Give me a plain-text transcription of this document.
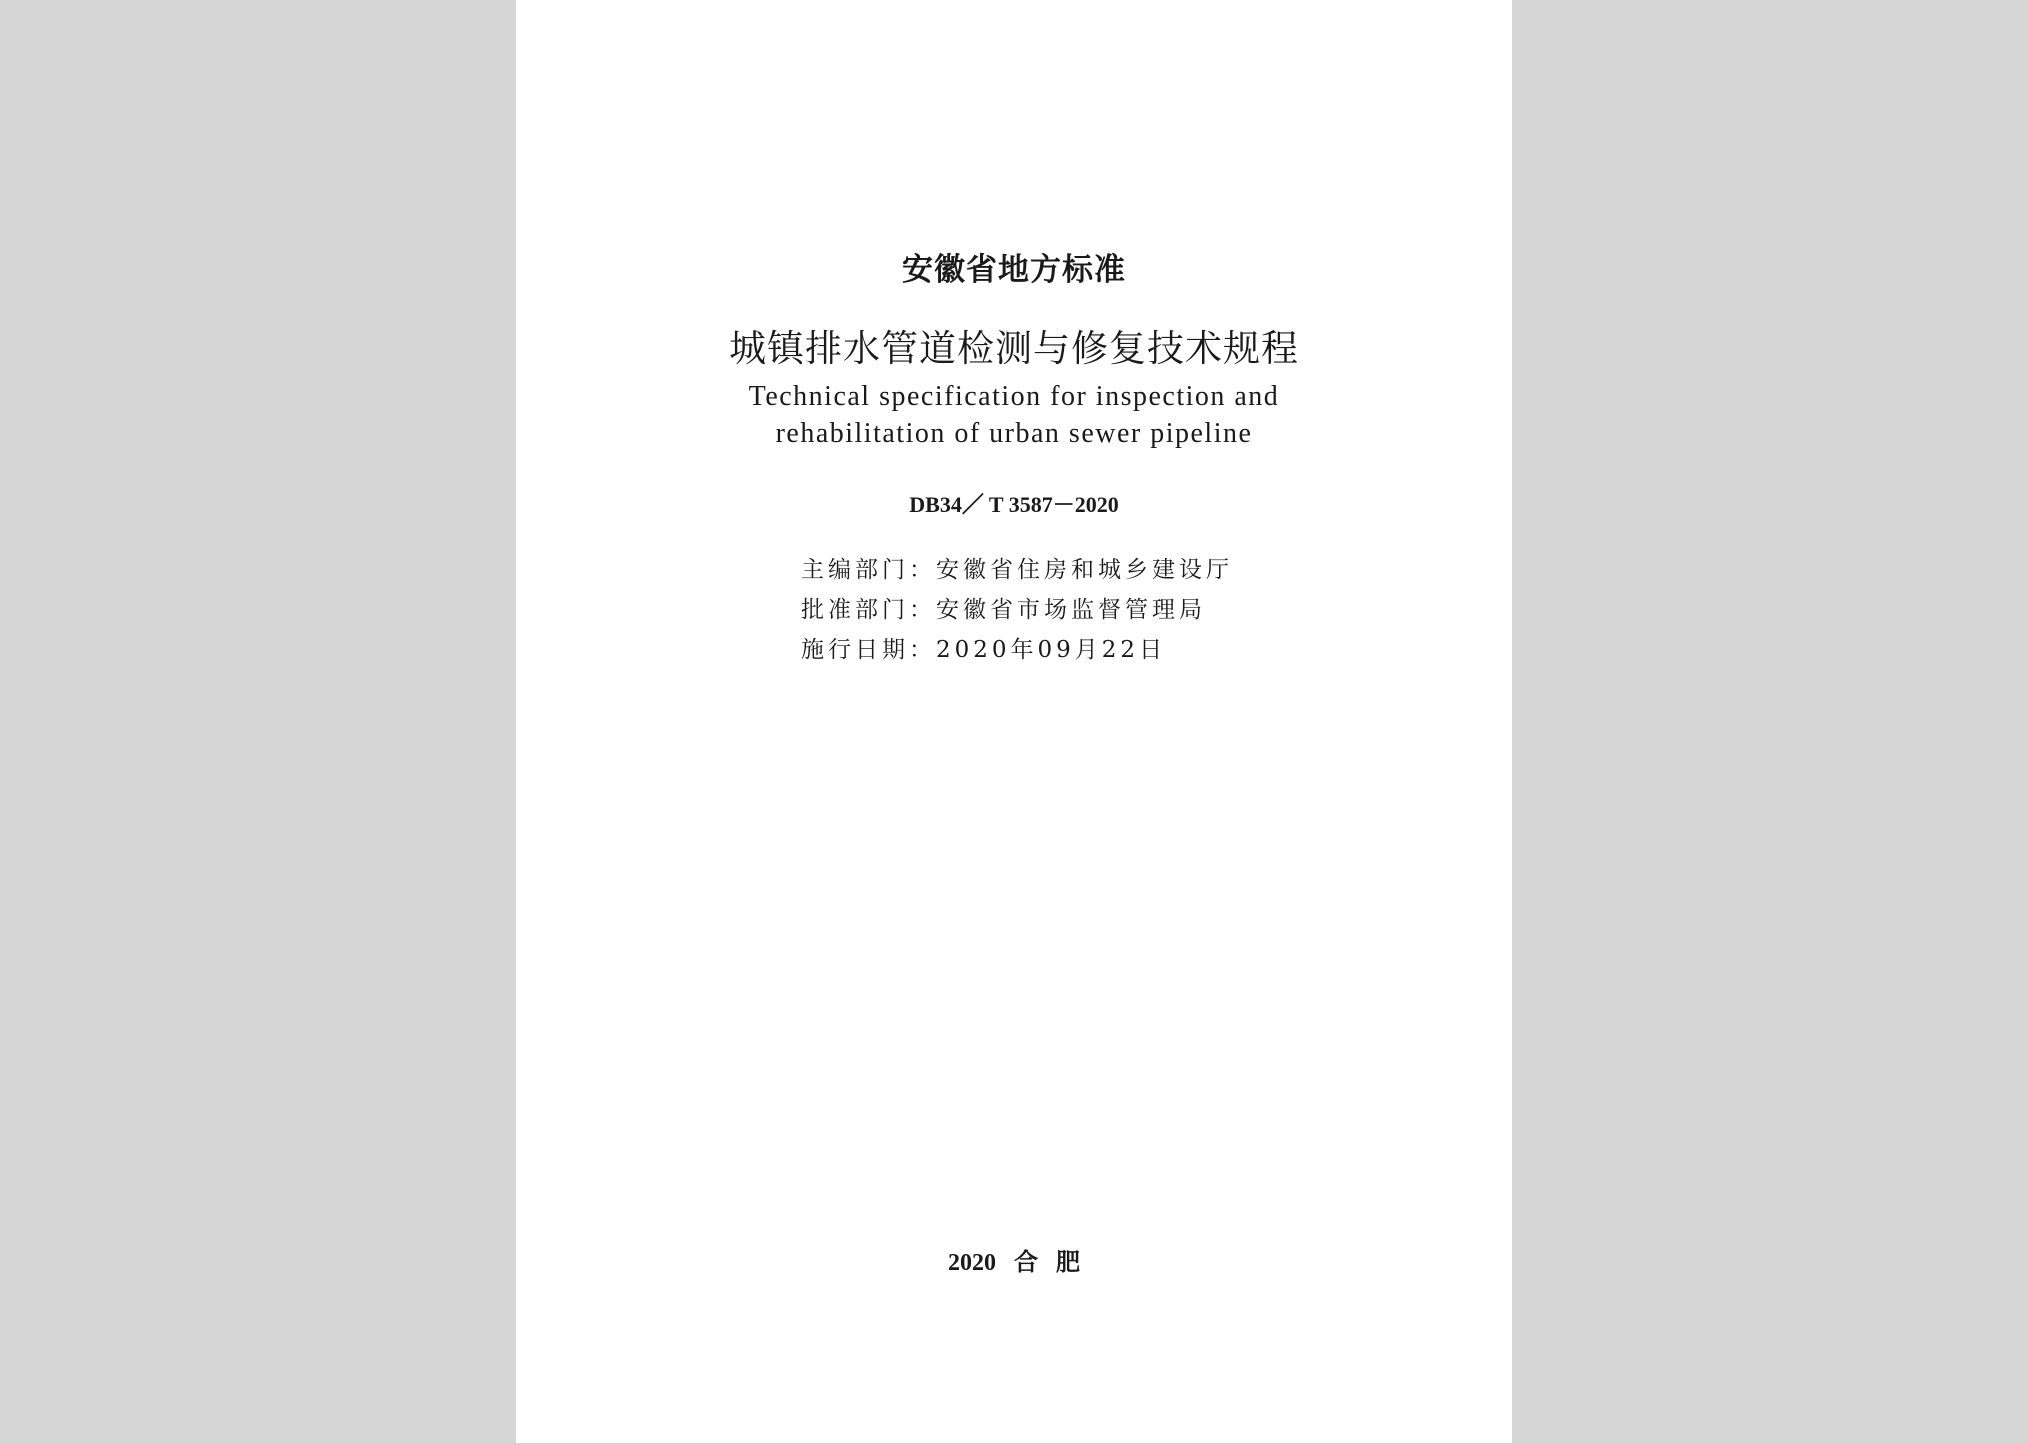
安徽省地方标准
城镇排水管道检测与修复技术规程
Technical specification for inspection and
rehabilitation of urban sewer pipeline
DB34／ T 3587－2020
主编部门：安徽省住房和城乡建设厅
批准部门：安徽省市场监督管理局
施行日期：2020年09月22日
2020 合 肥
